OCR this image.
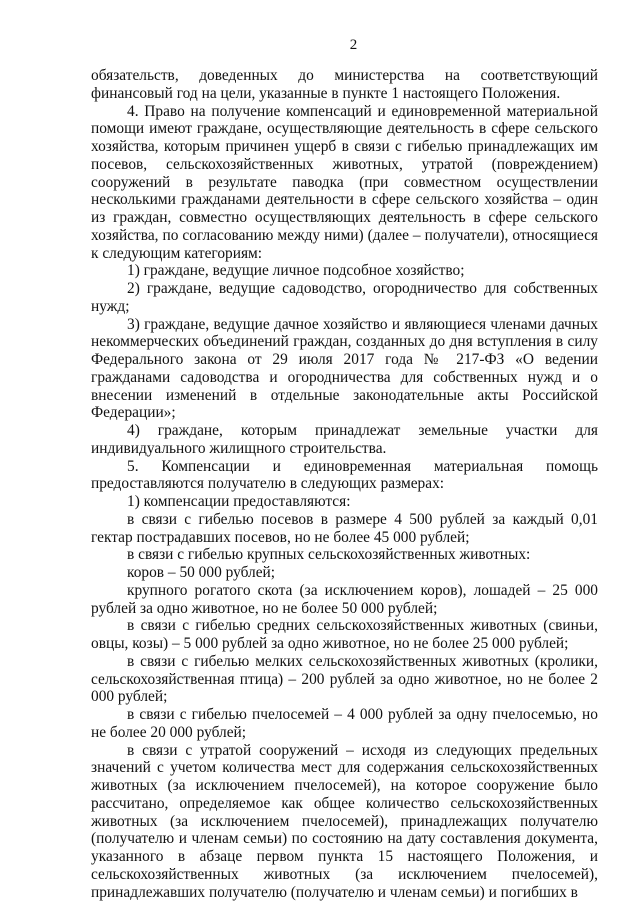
2

обязательств, доведенных до министерства на соответствующий финансовый год на цели, указанные в пункте 1 настоящего Положения.

4. Право на получение компенсаций и единовременной материальной помощи имеют граждане, осуществляющие деятельность в сфере сельского хозяйства, которым причинен ущерб в связи с гибелью принадлежащих им посевов, сельскохозяйственных животных, утратой (повреждением) сооружений в результате паводка (при совместном осуществлении несколькими гражданами деятельности в сфере сельского хозяйства – один из граждан, совместно осуществляющих деятельность в сфере сельского хозяйства, по согласованию между ними) (далее – получатели), относящиеся к следующим категориям:

1) граждане, ведущие личное подсобное хозяйство;

2) граждане, ведущие садоводство, огородничество для собственных нужд;

3) граждане, ведущие дачное хозяйство и являющиеся членами дачных некоммерческих объединений граждан, созданных до дня вступления в силу Федерального закона от 29 июля 2017 года № 217-ФЗ «О ведении гражданами садоводства и огородничества для собственных нужд и о внесении изменений в отдельные законодательные акты Российской Федерации»;

4) граждане, которым принадлежат земельные участки для индивидуального жилищного строительства.

5. Компенсации и единовременная материальная помощь предоставляются получателю в следующих размерах:

1) компенсации предоставляются:

в связи с гибелью посевов в размере 4 500 рублей за каждый 0,01 гектар пострадавших посевов, но не более 45 000 рублей;

в связи с гибелью крупных сельскохозяйственных животных:

коров – 50 000 рублей;

крупного рогатого скота (за исключением коров), лошадей – 25 000 рублей за одно животное, но не более 50 000 рублей;

в связи с гибелью средних сельскохозяйственных животных (свиньи, овцы, козы) – 5 000 рублей за одно животное, но не более 25 000 рублей;

в связи с гибелью мелких сельскохозяйственных животных (кролики, сельскохозяйственная птица) – 200 рублей за одно животное, но не более 2 000 рублей;

в связи с гибелью пчелосемей – 4 000 рублей за одну пчелосемью, но не более 20 000 рублей;

в связи с утратой сооружений – исходя из следующих предельных значений с учетом количества мест для содержания сельскохозяйственных животных (за исключением пчелосемей), на которое сооружение было рассчитано, определяемое как общее количество сельскохозяйственных животных (за исключением пчелосемей), принадлежащих получателю (получателю и членам семьи) по состоянию на дату составления документа, указанного в абзаце первом пункта 15 настоящего Положения, и сельскохозяйственных животных (за исключением пчелосемей), принадлежавших получателю (получателю и членам семьи) и погибших в
